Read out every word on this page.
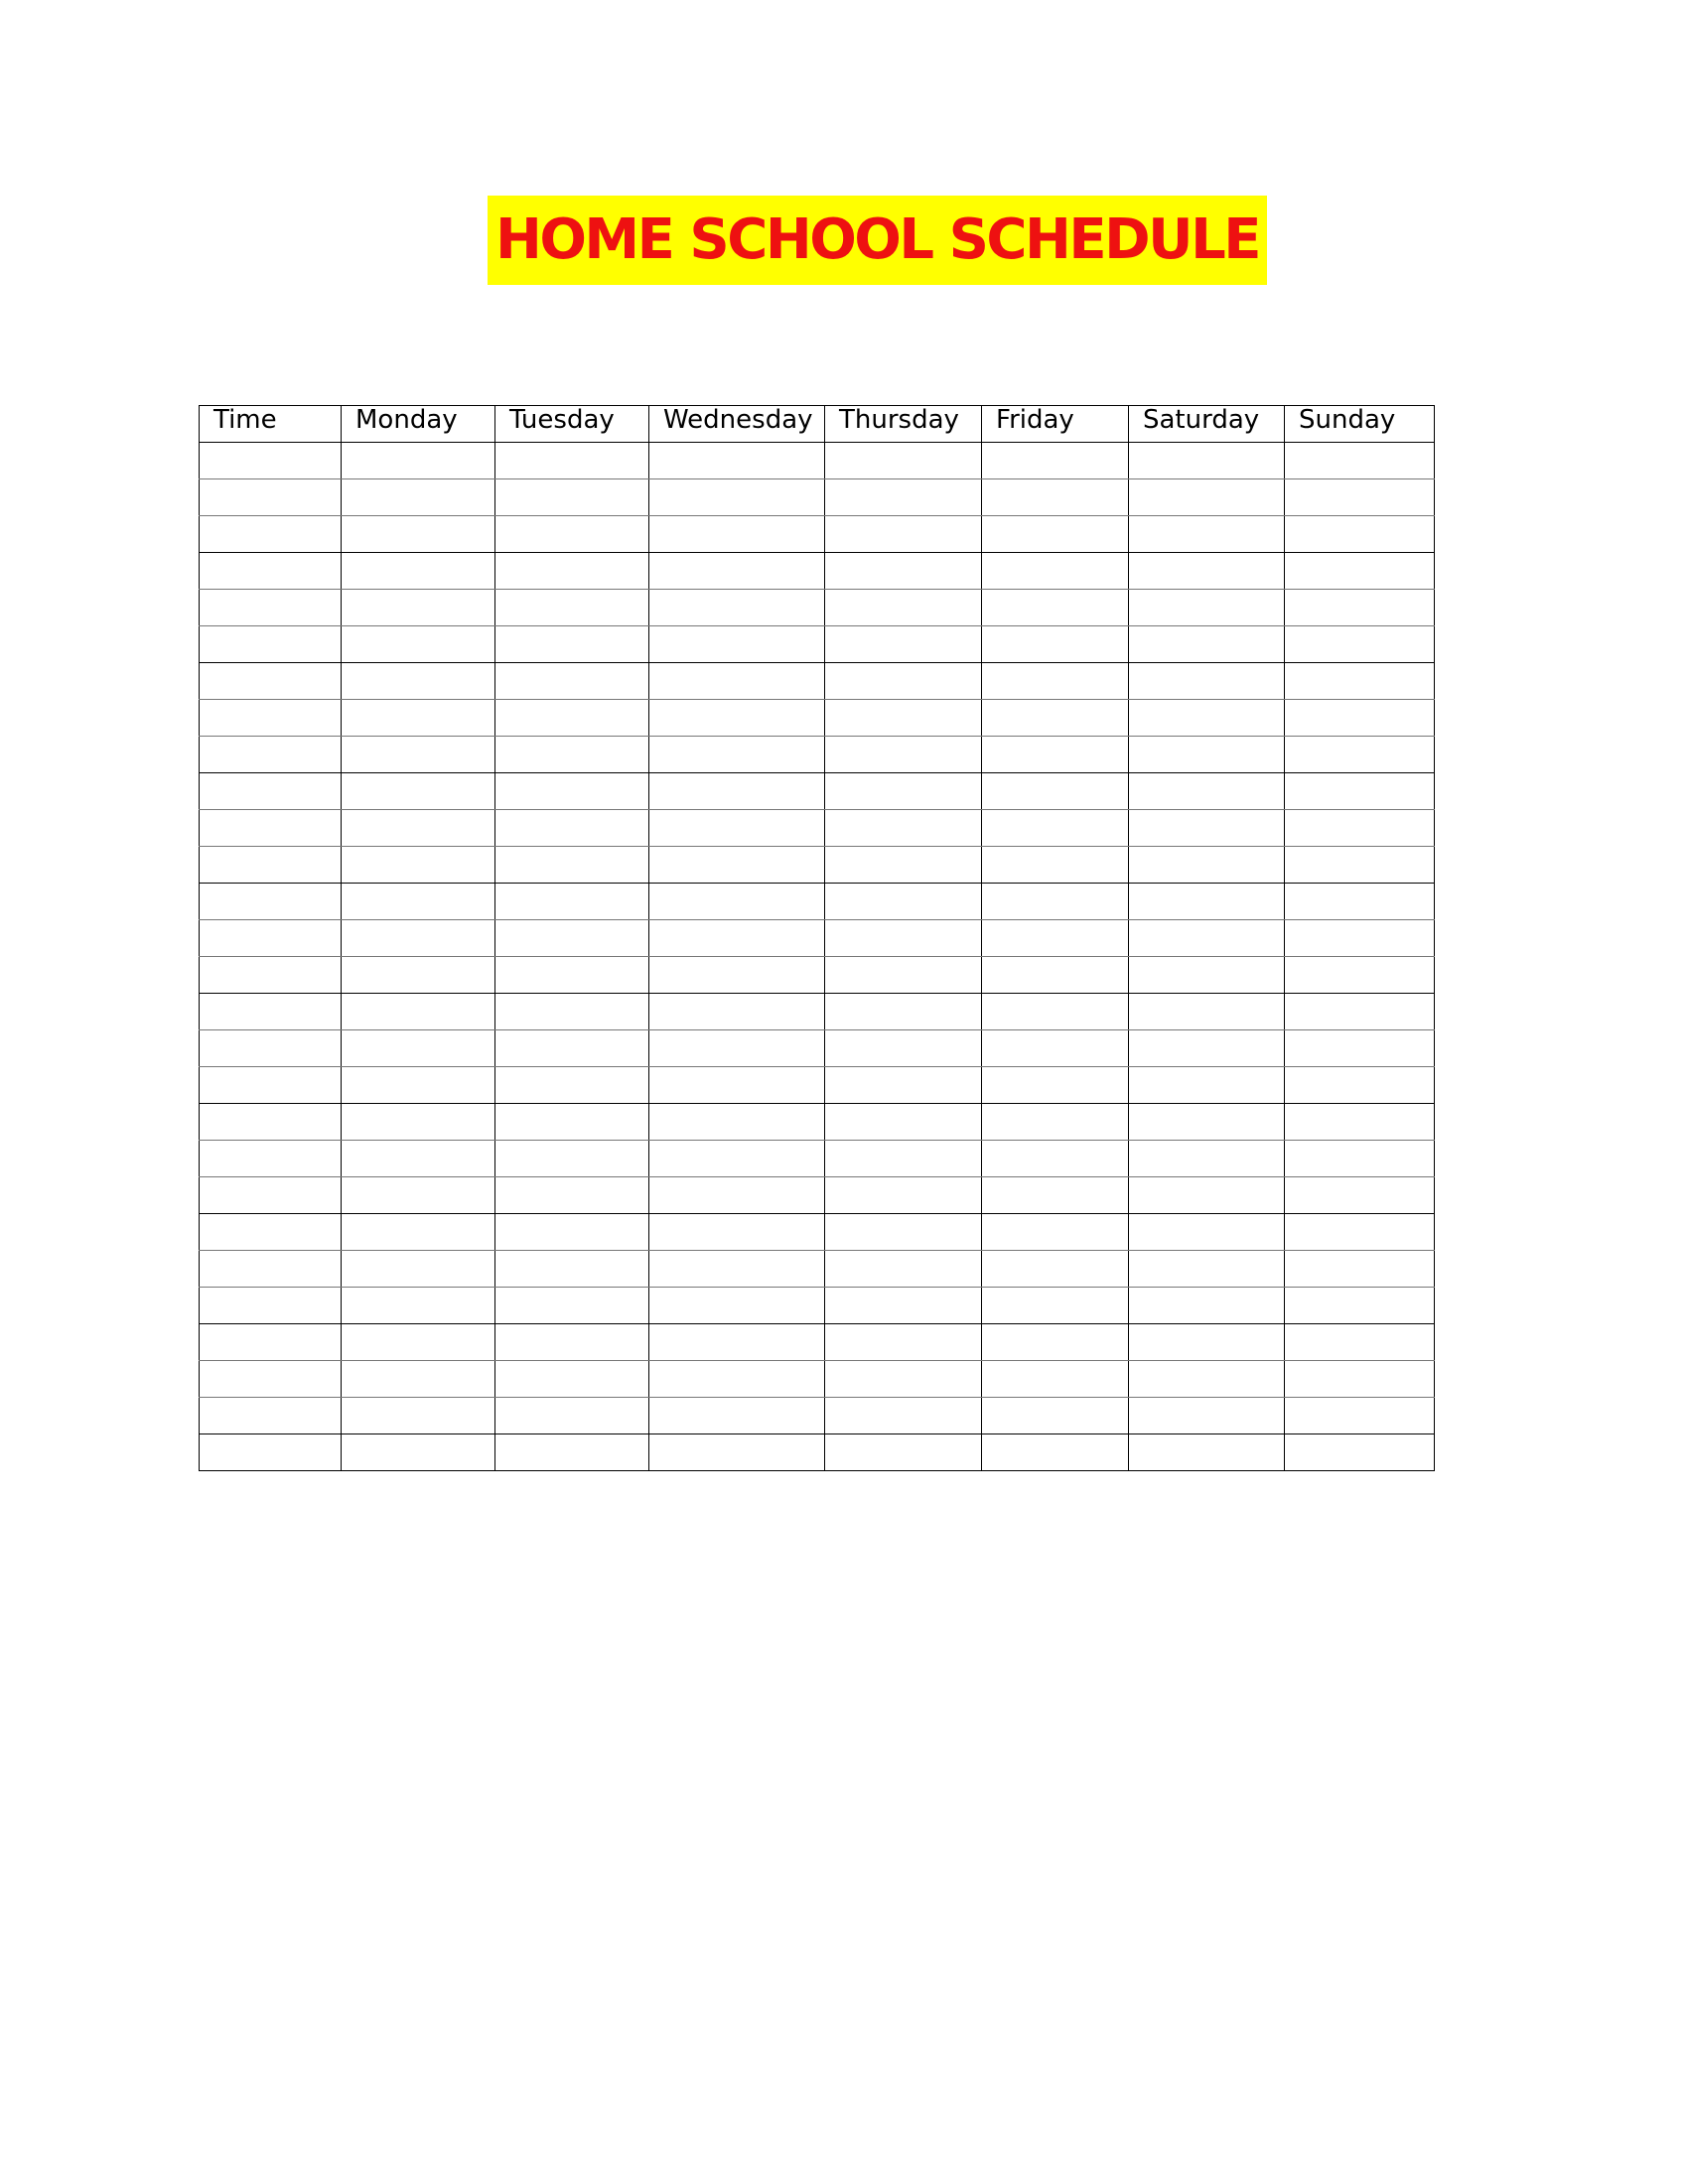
HOME SCHOOL SCHEDULE
Time	Monday	Tuesday	Wednesday	Thursday	Friday	Saturday	Sunday
